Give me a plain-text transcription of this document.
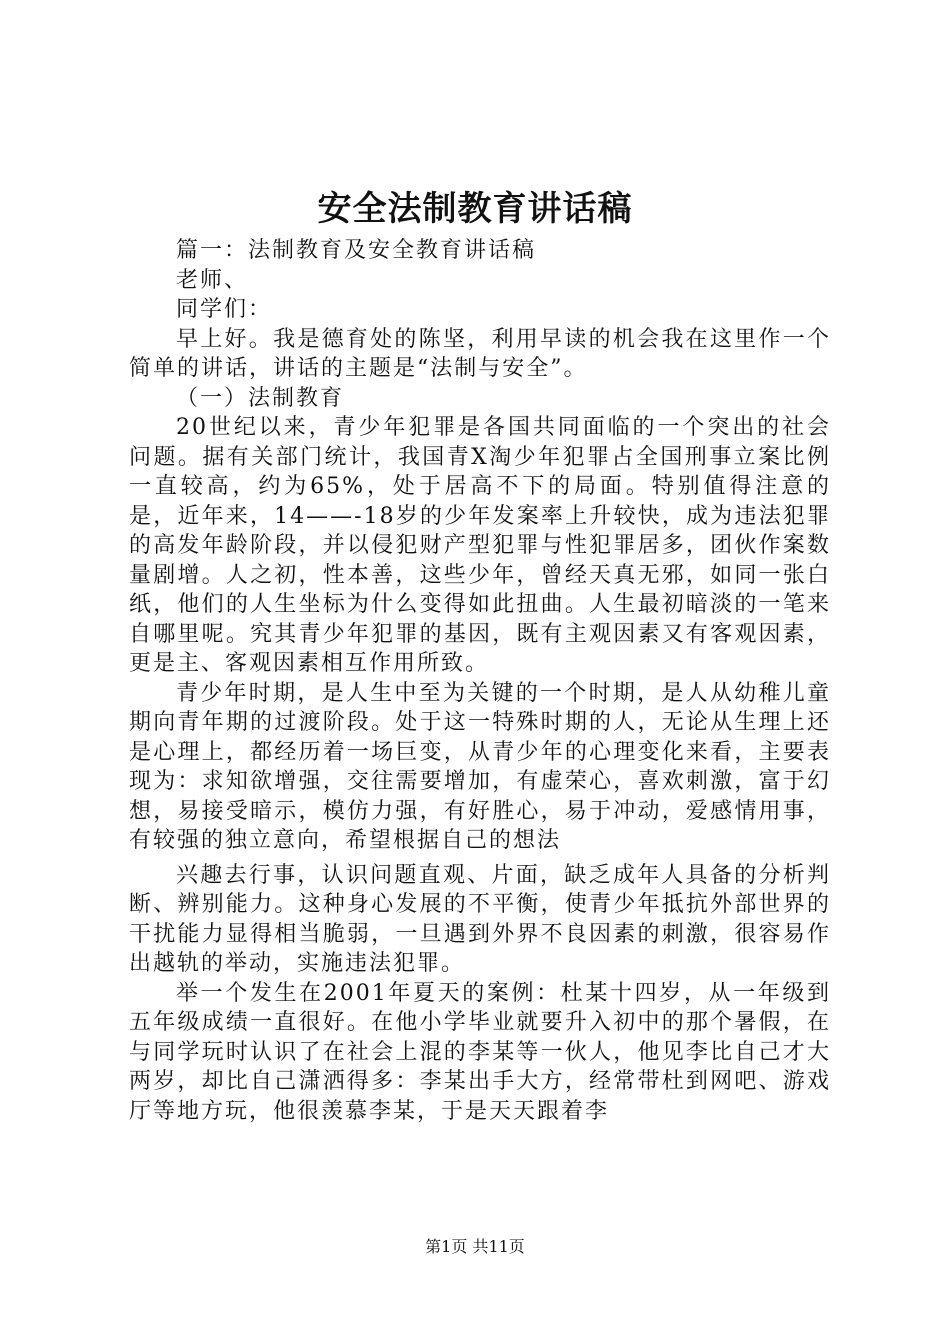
安全法制教育讲话稿

篇一：法制教育及安全教育讲话稿

老师、

同学们：

早上好。我是德育处的陈坚，利用早读的机会我在这里作一个简单的讲话，讲话的主题是“法制与安全”。

（一）法制教育

20世纪以来，青少年犯罪是各国共同面临的一个突出的社会问题。据有关部门统计，我国青X淘少年犯罪占全国刑事立案比例一直较高，约为65%，处于居高不下的局面。特别值得注意的是，近年来，14——-18岁的少年发案率上升较快，成为违法犯罪的高发年龄阶段，并以侵犯财产型犯罪与性犯罪居多，团伙作案数量剧增。人之初，性本善，这些少年，曾经天真无邪，如同一张白纸，他们的人生坐标为什么变得如此扭曲。人生最初暗淡的一笔来自哪里呢。究其青少年犯罪的基因，既有主观因素又有客观因素，更是主、客观因素相互作用所致。

青少年时期，是人生中至为关键的一个时期，是人从幼稚儿童期向青年期的过渡阶段。处于这一特殊时期的人，无论从生理上还是心理上，都经历着一场巨变，从青少年的心理变化来看，主要表现为：求知欲增强，交往需要增加，有虚荣心，喜欢刺激，富于幻想，易接受暗示，模仿力强，有好胜心，易于冲动，爱感情用事，有较强的独立意向，希望根据自己的想法

兴趣去行事，认识问题直观、片面，缺乏成年人具备的分析判断、辨别能力。这种身心发展的不平衡，使青少年抵抗外部世界的干扰能力显得相当脆弱，一旦遇到外界不良因素的刺激，很容易作出越轨的举动，实施违法犯罪。

举一个发生在2001年夏天的案例：杜某十四岁，从一年级到五年级成绩一直很好。在他小学毕业就要升入初中的那个暑假，在与同学玩时认识了在社会上混的李某等一伙人，他见李比自己才大两岁，却比自己潇洒得多：李某出手大方，经常带杜到网吧、游戏厅等地方玩，他很羡慕李某，于是天天跟着李

第1页 共11页
